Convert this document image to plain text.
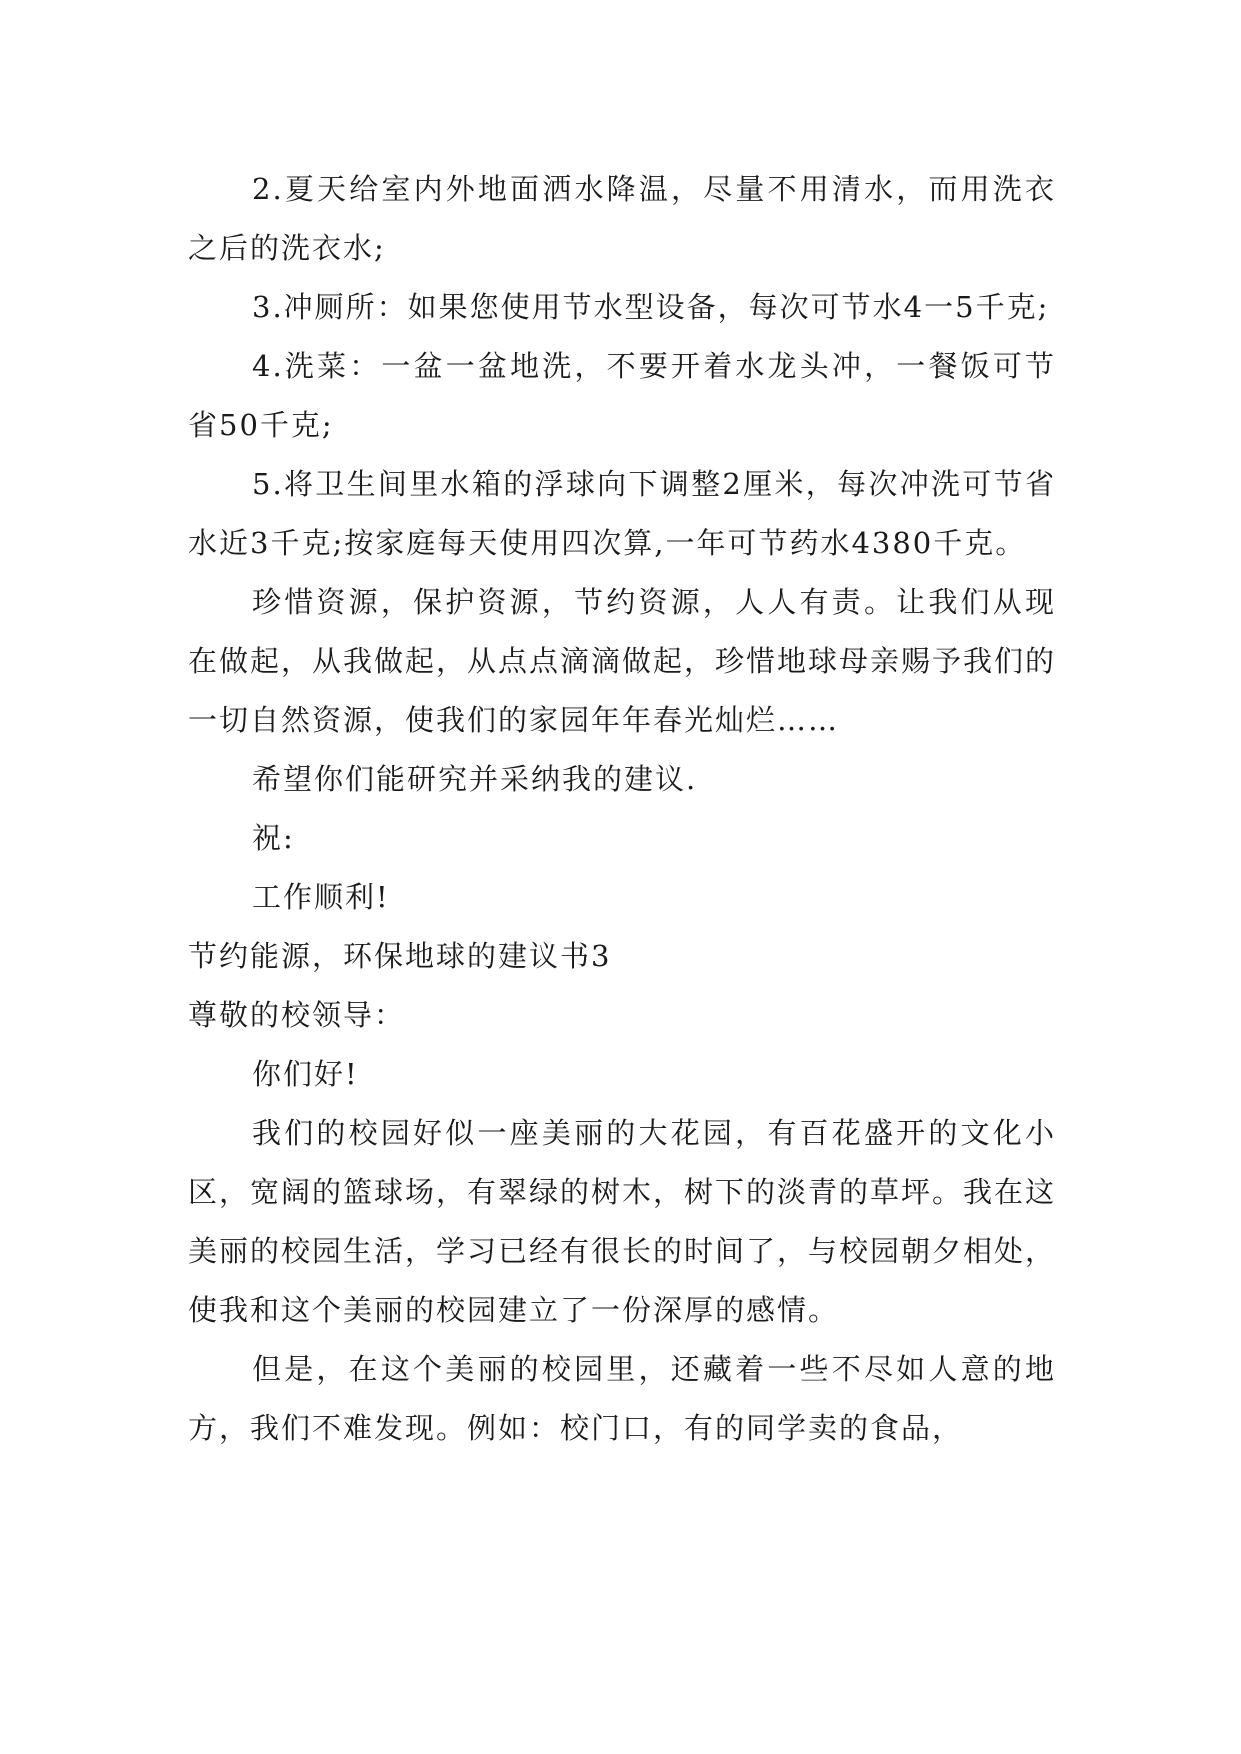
2.夏天给室内外地面洒水降温，尽量不用清水，而用洗衣之后的洗衣水;

3.冲厕所：如果您使用节水型设备，每次可节水4一5千克;

4.洗菜：一盆一盆地洗，不要开着水龙头冲，一餐饭可节省50千克;

5.将卫生间里水箱的浮球向下调整2厘米，每次冲洗可节省水近3千克;按家庭每天使用四次算,一年可节药水4380千克。

珍惜资源，保护资源，节约资源，人人有责。让我们从现在做起，从我做起，从点点滴滴做起，珍惜地球母亲赐予我们的一切自然资源，使我们的家园年年春光灿烂……

希望你们能研究并采纳我的建议.

祝:

工作顺利!

节约能源，环保地球的建议书3

尊敬的校领导：

你们好!

我们的校园好似一座美丽的大花园，有百花盛开的文化小区，宽阔的篮球场，有翠绿的树木，树下的淡青的草坪。我在这美丽的校园生活，学习已经有很长的时间了，与校园朝夕相处，使我和这个美丽的校园建立了一份深厚的感情。

但是，在这个美丽的校园里，还藏着一些不尽如人意的地方，我们不难发现。例如：校门口，有的同学卖的食品，
